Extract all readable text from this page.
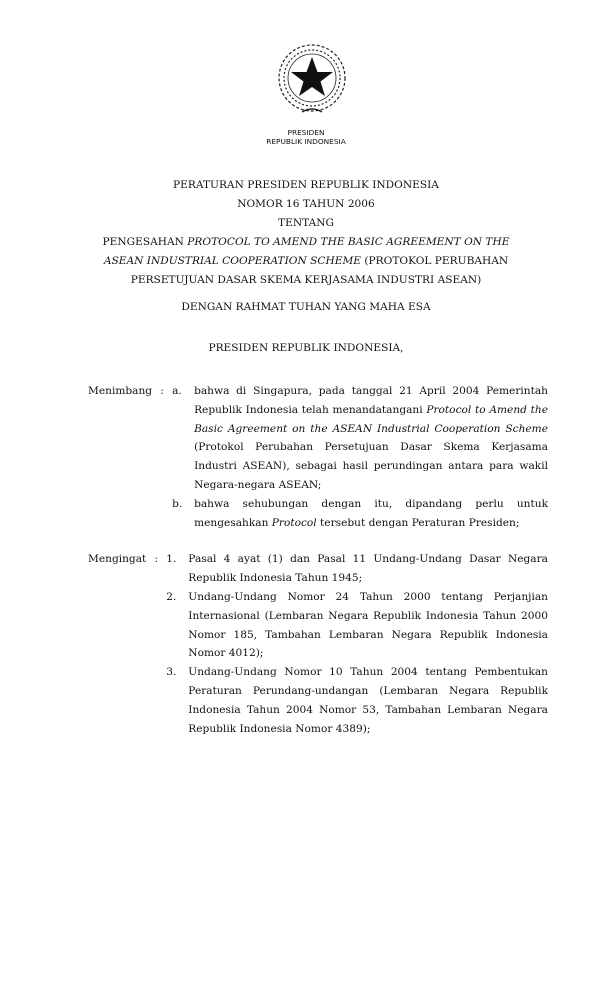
PRESIDEN
REPUBLIK INDONESIA
PERATURAN PRESIDEN REPUBLIK INDONESIA
NOMOR 16 TAHUN 2006
TENTANG
PENGESAHAN PROTOCOL TO AMEND THE BASIC AGREEMENT ON THE ASEAN INDUSTRIAL COOPERATION SCHEME (PROTOKOL PERUBAHAN PERSETUJUAN DASAR SKEMA KERJASAMA INDUSTRI ASEAN)
DENGAN RAHMAT TUHAN YANG MAHA ESA
PRESIDEN REPUBLIK INDONESIA,
Menimbang : a.	bahwa di Singapura, pada tanggal 21 April 2004 Pemerintah Republik Indonesia telah menandatangani Protocol to Amend the Basic Agreement on the ASEAN Industrial Cooperation Scheme (Protokol Perubahan Persetujuan Dasar Skema Kerjasama Industri ASEAN), sebagai hasil perundingan antara para wakil Negara-negara ASEAN;
b.	bahwa sehubungan dengan itu, dipandang perlu untuk mengesahkan Protocol tersebut dengan Peraturan Presiden;
Mengingat : 1.	Pasal 4 ayat (1) dan Pasal 11 Undang-Undang Dasar Negara Republik Indonesia Tahun 1945;
2.	Undang-Undang Nomor 24 Tahun 2000 tentang Perjanjian Internasional (Lembaran Negara Republik Indonesia Tahun 2000 Nomor 185, Tambahan Lembaran Negara Republik Indonesia Nomor 4012);
3.	Undang-Undang Nomor 10 Tahun 2004 tentang Pembentukan Peraturan Perundang-undangan (Lembaran Negara Republik Indonesia Tahun 2004 Nomor 53, Tambahan Lembaran Negara Republik Indonesia Nomor 4389);
